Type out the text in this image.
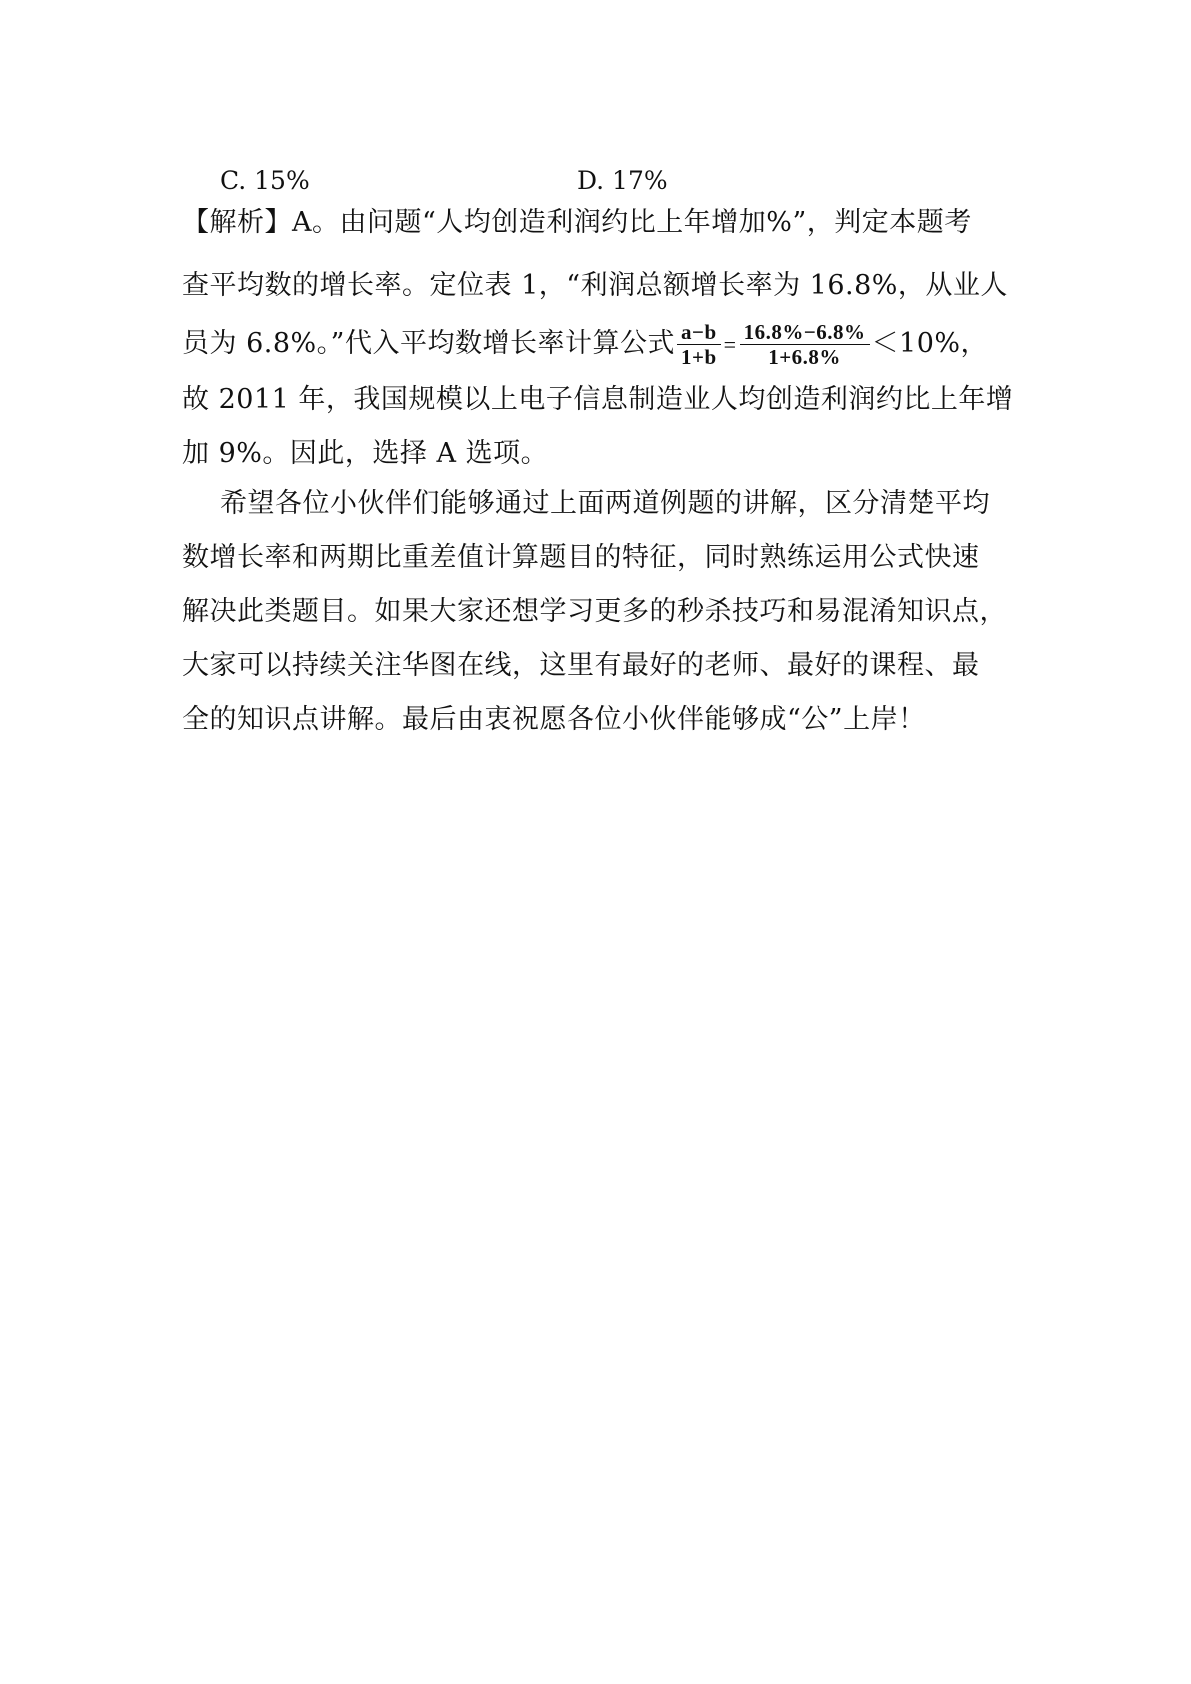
C. 15%	D. 17%
【解析】A。由问题“人均创造利润约比上年增加%”，判定本题考
查平均数的增长率。定位表 1，“利润总额增长率为 16.8%，从业人
员为 6.8%。”代入平均数增长率计算公式 $\frac{a-b}{1+b} = \frac{16.8\%-6.8\%}{1+6.8\%} <10\%$，
故 2011 年，我国规模以上电子信息制造业人均创造利润约比上年增
加 9%。因此，选择 A 选项。
希望各位小伙伴们能够通过上面两道例题的讲解，区分清楚平均
数增长率和两期比重差值计算题目的特征，同时熟练运用公式快速
解决此类题目。如果大家还想学习更多的秒杀技巧和易混淆知识点，
大家可以持续关注华图在线，这里有最好的老师、最好的课程、最
全的知识点讲解。最后由衷祝愿各位小伙伴能够成“公”上岸！
